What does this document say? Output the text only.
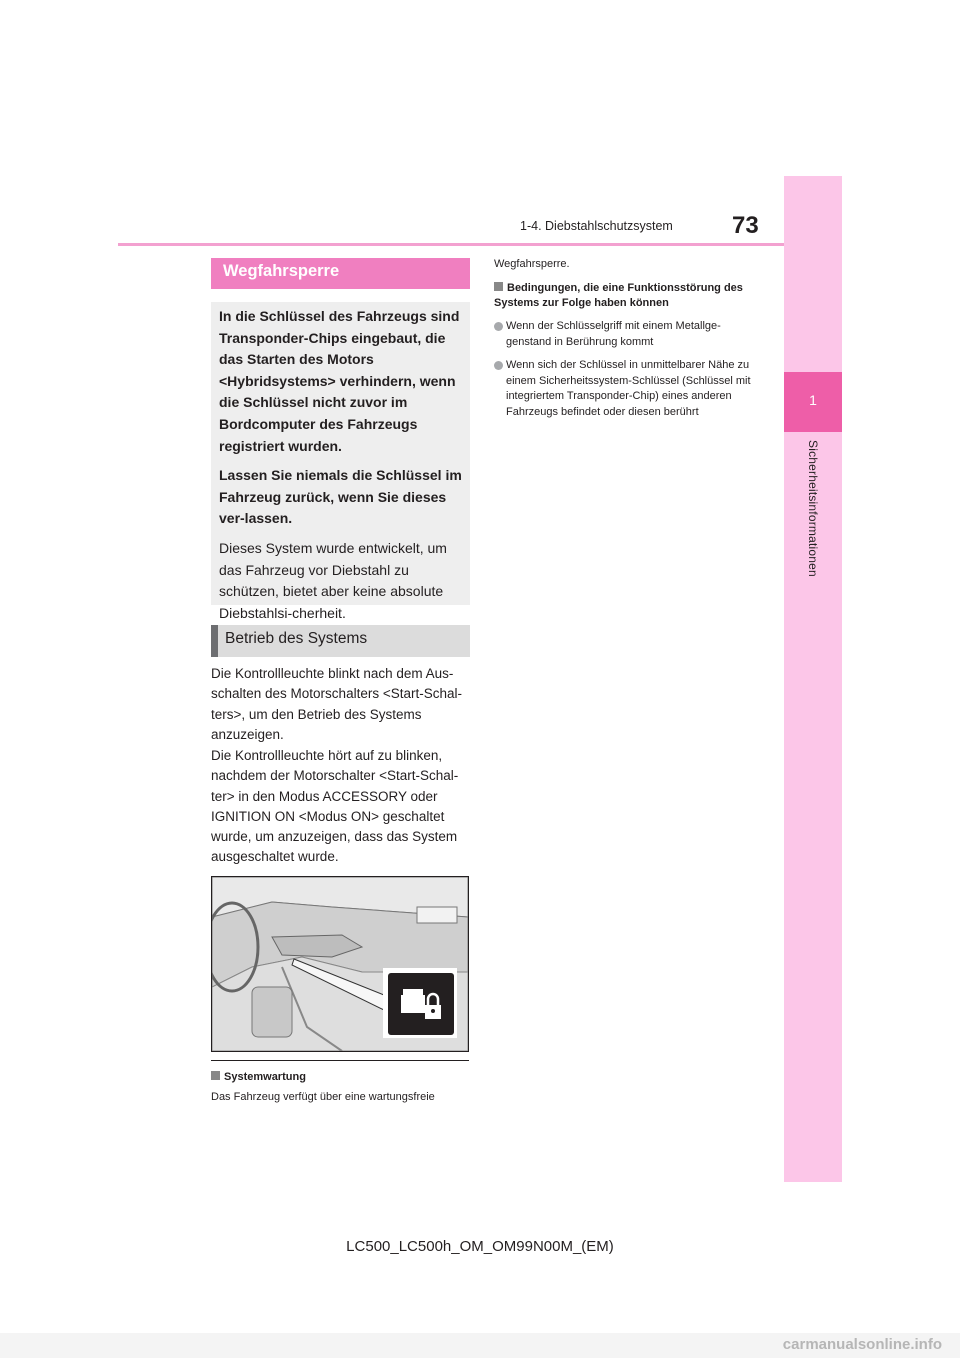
1
Sicherheitsinformationen
73
1-4. Diebstahlschutzsystem
Wegfahrsperre

In die Schlüssel des Fahrzeugs sind Transponder-Chips eingebaut, die das Starten des Motors <Hybridsystems> verhindern, wenn die Schlüssel nicht zuvor im Bordcomputer des Fahrzeugs registriert wurden.

Lassen Sie niemals die Schlüssel im Fahrzeug zurück, wenn Sie dieses ver-lassen.

Dieses System wurde entwickelt, um das Fahrzeug vor Diebstahl zu schützen, bietet aber keine absolute Diebstahlsi-cherheit.

Betrieb des Systems

Die Kontrollleuchte blinkt nach dem Aus-schalten des Motorschalters <Start-Schal-ters>, um den Betrieb des Systems anzuzeigen.

Die Kontrollleuchte hört auf zu blinken, nachdem der Motorschalter <Start-Schal-ter> in den Modus ACCESSORY oder IGNITION ON <Modus ON> geschaltet wurde, um anzuzeigen, dass das System ausgeschaltet wurde.

Systemwartung

Das Fahrzeug verfügt über eine wartungsfreie

Wegfahrsperre.

Bedingungen, die eine Funktionsstörung des Systems zur Folge haben können
Wenn der Schlüsselgriff mit einem Metallge-genstand in Berührung kommt
Wenn sich der Schlüssel in unmittelbarer Nähe zu einem Sicherheitssystem-Schlüssel (Schlüssel mit integriertem Transponder-Chip) eines anderen Fahrzeugs befindet oder diesen berührt
LC500_LC500h_OM_OM99N00M_(EM)
carmanualsonline.info
